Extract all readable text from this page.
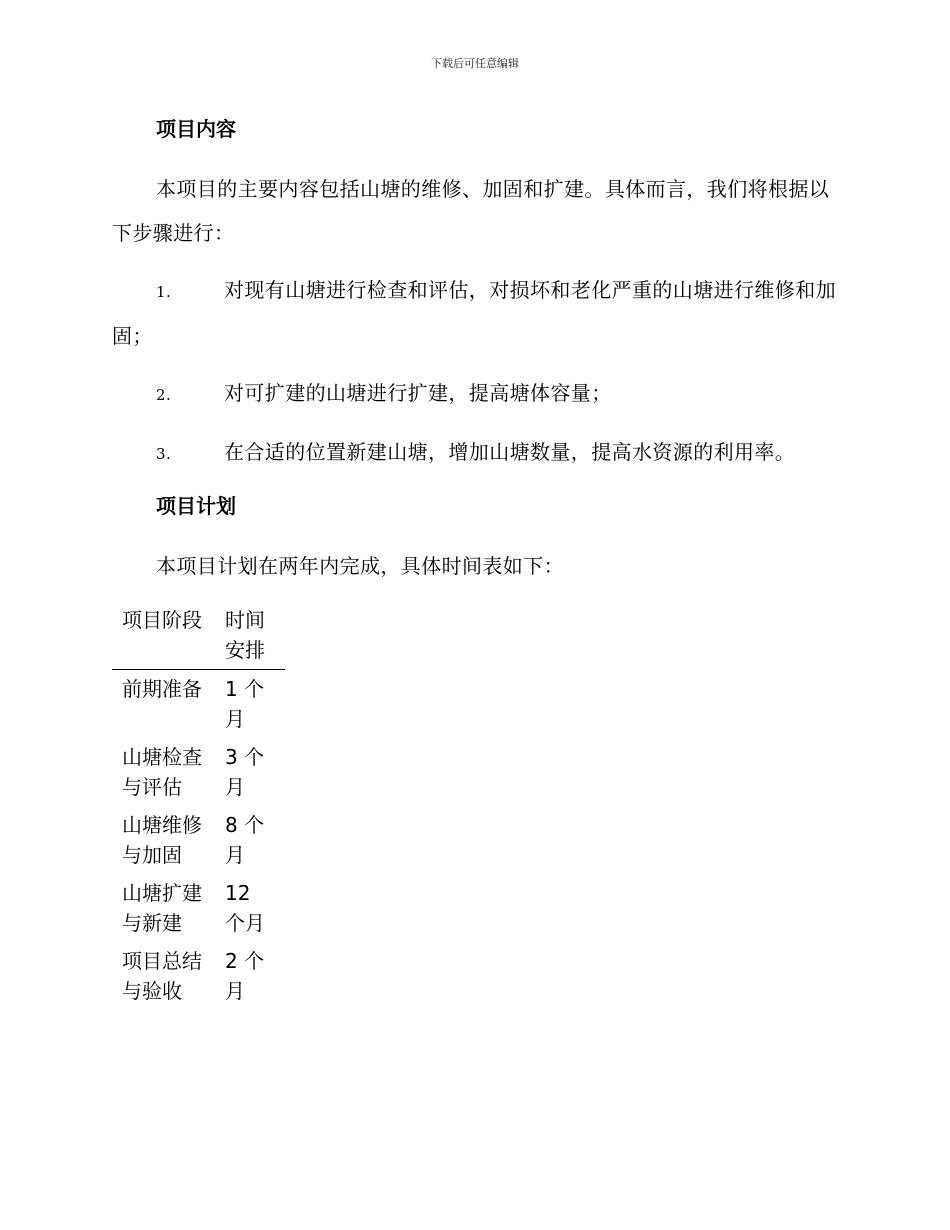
下载后可任意编辑
项目内容
本项目的主要内容包括山塘的维修、加固和扩建。具体而言，我们将根据以下步骤进行：
1.	对现有山塘进行检查和评估，对损坏和老化严重的山塘进行维修和加固；
2.	对可扩建的山塘进行扩建，提高塘体容量；
3.	在合适的位置新建山塘，增加山塘数量，提高水资源的利用率。
项目计划
本项目计划在两年内完成，具体时间表如下：
项目阶段	时间安排
前期准备	1 个月
山塘检查与评估	3 个月
山塘维修与加固	8 个月
山塘扩建与新建	12 个月
项目总结与验收	2 个月
